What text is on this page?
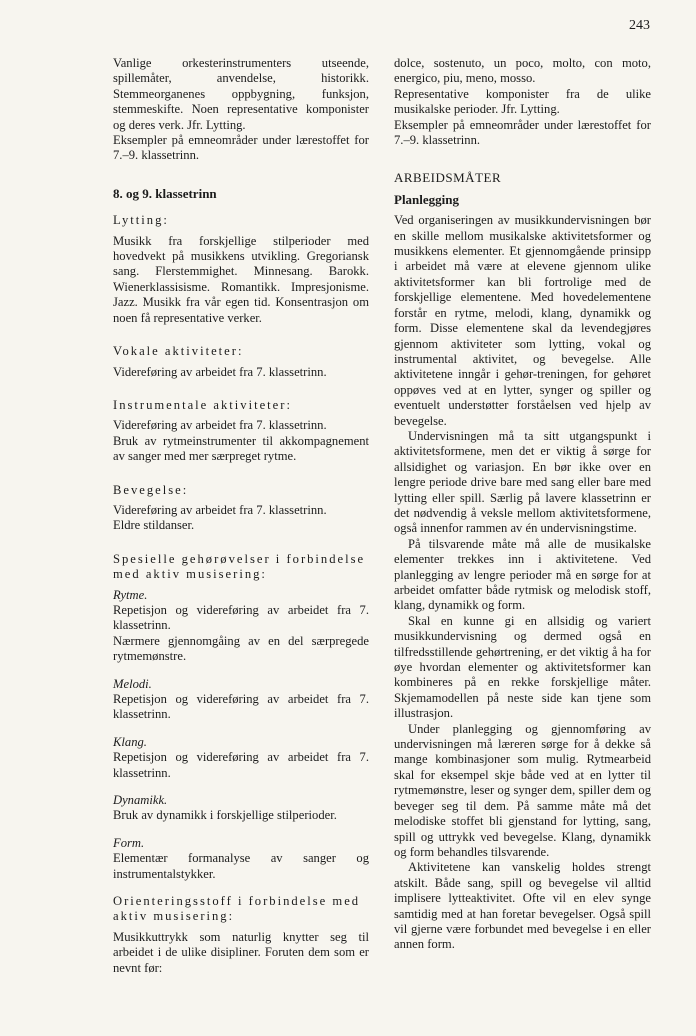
243

Vanlige orkesterinstrumenters utseende, spillemåter, anvendelse, historikk. Stemmeorganenes oppbygning, funksjon, stemmeskifte. Noen representative komponister og deres verk. Jfr. Lytting.

Eksempler på emneområder under lærestoffet for 7.–9. klassetrinn.

8. og 9. klassetrinn
Lytting:

Musikk fra forskjellige stilperioder med hovedvekt på musikkens utvikling. Gregoriansk sang. Flerstemmighet. Minnesang. Barokk. Wienerklassisisme. Romantikk. Impresjonisme. Jazz. Musikk fra vår egen tid. Konsentrasjon om noen få representative verker.

Vokale aktiviteter:

Videreføring av arbeidet fra 7. klassetrinn.

Instrumentale aktiviteter:

Videreføring av arbeidet fra 7. klassetrinn.

Bruk av rytmeinstrumenter til akkompagnement av sanger med mer særpreget rytme.

Bevegelse:

Videreføring av arbeidet fra 7. klassetrinn.

Eldre stildanser.

Spesielle gehørøvelser i forbindelse med aktiv musisering:

Rytme.

Repetisjon og videreføring av arbeidet fra 7. klassetrinn.

Nærmere gjennomgåing av en del særpregede rytmemønstre.

Melodi.

Repetisjon og videreføring av arbeidet fra 7. klassetrinn.

Klang.

Repetisjon og videreføring av arbeidet fra 7. klassetrinn.

Dynamikk.

Bruk av dynamikk i forskjellige stilperioder.

Form.

Elementær formanalyse av sanger og instrumentalstykker.

Orienteringsstoff i forbindelse med aktiv musisering:

Musikkuttrykk som naturlig knytter seg til arbeidet i de ulike disipliner. Foruten dem som er nevnt før:

dolce, sostenuto, un poco, molto, con moto, energico, piu, meno, mosso.

Representative komponister fra de ulike musikalske perioder. Jfr. Lytting.

Eksempler på emneområder under lærestoffet for 7.–9. klassetrinn.

ARBEIDSMÅTER
Planlegging

Ved organiseringen av musikkundervisningen bør en skille mellom musikalske aktivitetsformer og musikkens elementer. Et gjennomgående prinsipp i arbeidet må være at elevene gjennom ulike aktivitetsformer kan bli fortrolige med de forskjellige elementene. Med hovedelementene forstår en rytme, melodi, klang, dynamikk og form. Disse elementene skal da levendegjøres gjennom aktiviteter som lytting, vokal og instrumental aktivitet, og bevegelse. Alle aktivitetene inngår i gehør-treningen, for gehøret oppøves ved at en lytter, synger og spiller og eventuelt understøtter forståelsen ved hjelp av bevegelse.

Undervisningen må ta sitt utgangspunkt i aktivitetsformene, men det er viktig å sørge for allsidighet og variasjon. En bør ikke over en lengre periode drive bare med sang eller bare med lytting eller spill. Særlig på lavere klassetrinn er det nødvendig å veksle mellom aktivitetsformene, også innenfor rammen av én undervisningstime.

På tilsvarende måte må alle de musikalske elementer trekkes inn i aktivitetene. Ved planlegging av lengre perioder må en sørge for at arbeidet omfatter både rytmisk og melodisk stoff, klang, dynamikk og form.

Skal en kunne gi en allsidig og variert musikkundervisning og dermed også en tilfredsstillende gehørtrening, er det viktig å ha for øye hvordan elementer og aktivitetsformer kan kombineres på en rekke forskjellige måter. Skjemamodellen på neste side kan tjene som illustrasjon.

Under planlegging og gjennomføring av undervisningen må læreren sørge for å dekke så mange kombinasjoner som mulig. Rytmearbeid skal for eksempel skje både ved at en lytter til rytmemønstre, leser og synger dem, spiller dem og beveger seg til dem. På samme måte må det melodiske stoffet bli gjenstand for lytting, sang, spill og uttrykk ved bevegelse. Klang, dynamikk og form behandles tilsvarende.

Aktivitetene kan vanskelig holdes strengt atskilt. Både sang, spill og bevegelse vil alltid implisere lytteaktivitet. Ofte vil en elev synge samtidig med at han foretar bevegelser. Også spill vil gjerne være forbundet med bevegelse i en eller annen form.
